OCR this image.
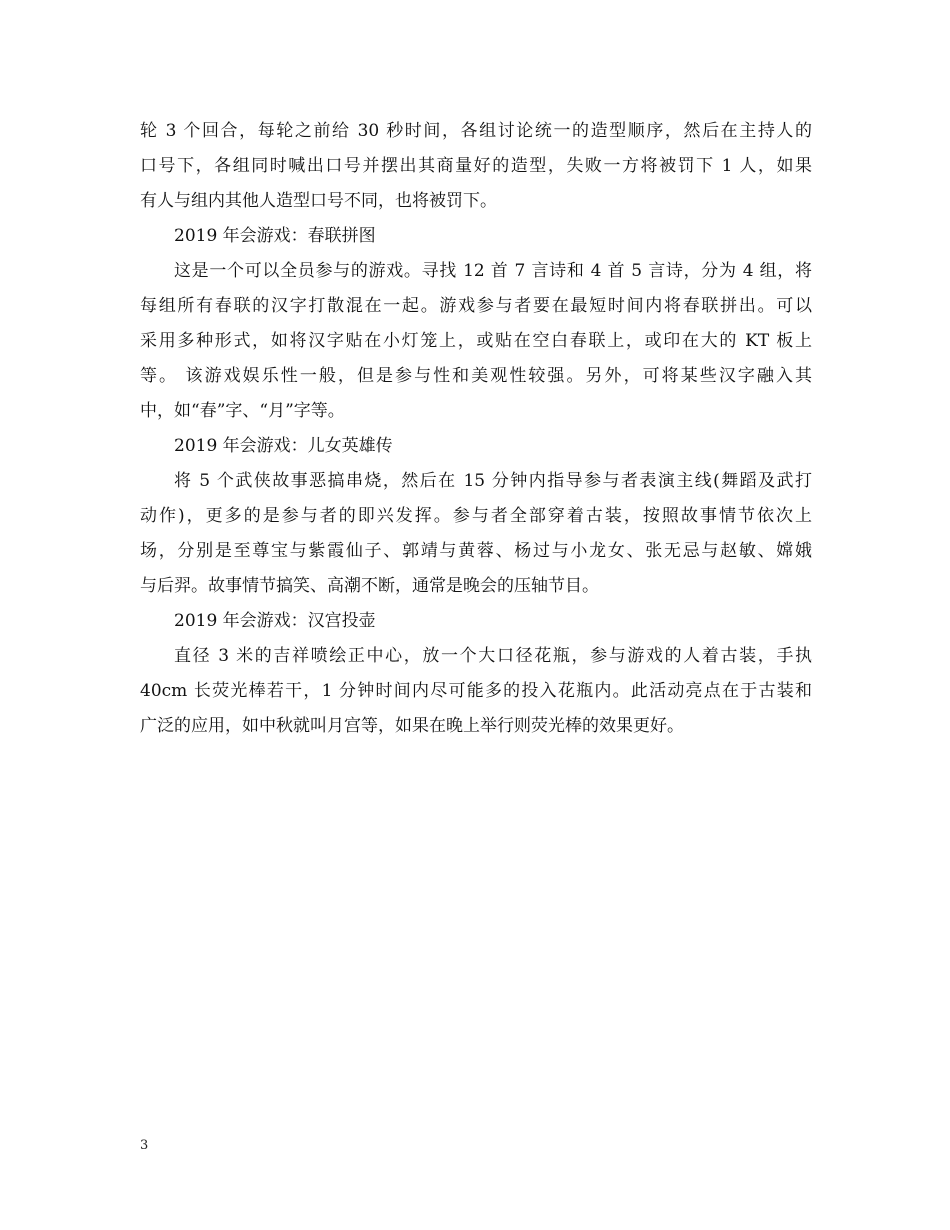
轮 3 个回合，每轮之前给 30 秒时间，各组讨论统一的造型顺序，然后在主持人的
口号下，各组同时喊出口号并摆出其商量好的造型，失败一方将被罚下 1 人，如果
有人与组内其他人造型口号不同，也将被罚下。
2019 年会游戏：春联拼图
这是一个可以全员参与的游戏。寻找 12 首 7 言诗和 4 首 5 言诗，分为 4 组，将
每组所有春联的汉字打散混在一起。游戏参与者要在最短时间内将春联拼出。可以
采用多种形式，如将汉字贴在小灯笼上，或贴在空白春联上，或印在大的 KT 板上
等。 该游戏娱乐性一般，但是参与性和美观性较强。另外，可将某些汉字融入其
中，如“春”字、“月”字等。
2019 年会游戏：儿女英雄传
将 5 个武侠故事恶搞串烧，然后在 15 分钟内指导参与者表演主线(舞蹈及武打
动作)，更多的是参与者的即兴发挥。参与者全部穿着古装，按照故事情节依次上
场，分别是至尊宝与紫霞仙子、郭靖与黄蓉、杨过与小龙女、张无忌与赵敏、嫦娥
与后羿。故事情节搞笑、高潮不断，通常是晚会的压轴节目。
2019 年会游戏：汉宫投壶
直径 3 米的吉祥喷绘正中心，放一个大口径花瓶，参与游戏的人着古装，手执
40cm 长荧光棒若干，1 分钟时间内尽可能多的投入花瓶内。此活动亮点在于古装和
广泛的应用，如中秋就叫月宫等，如果在晚上举行则荧光棒的效果更好。
3
